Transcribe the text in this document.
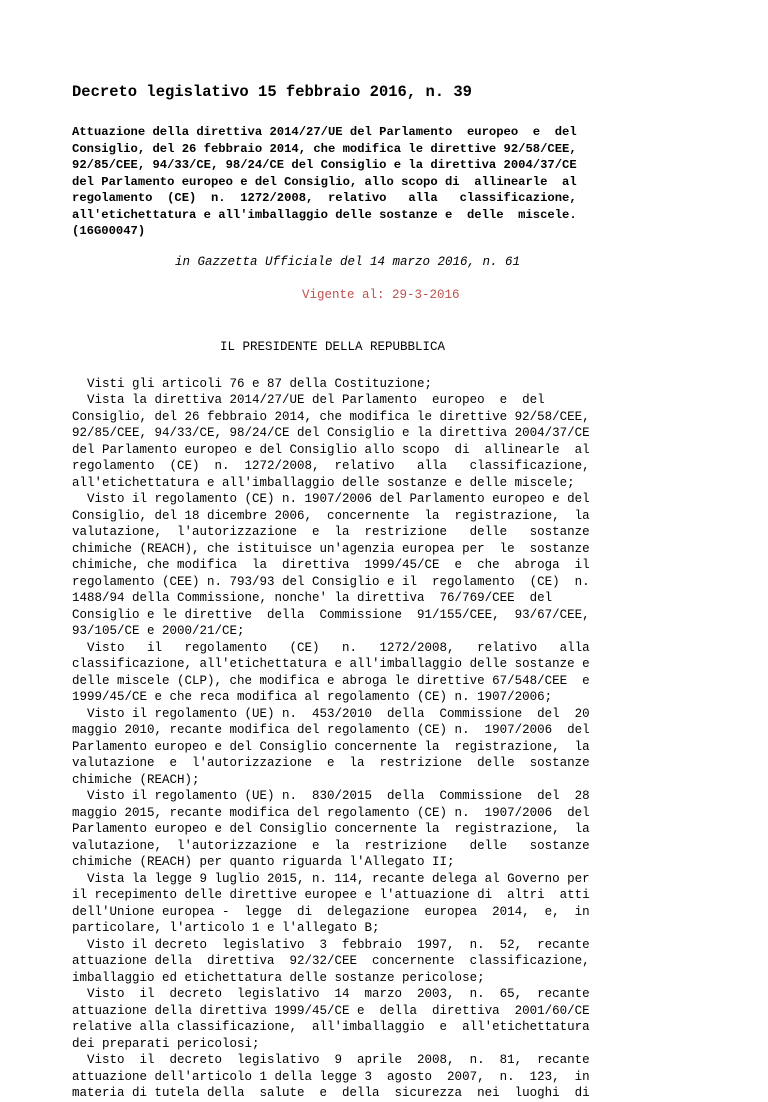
Decreto legislativo 15 febbraio 2016, n. 39
Attuazione della direttiva 2014/27/UE del Parlamento  europeo  e  del
Consiglio, del 26 febbraio 2014, che modifica le direttive 92/58/CEE,
92/85/CEE, 94/33/CE, 98/24/CE del Consiglio e la direttiva 2004/37/CE
del Parlamento europeo e del Consiglio, allo scopo di  allinearle  al
regolamento  (CE)  n.  1272/2008,  relativo   alla   classificazione,
all'etichettatura e all'imballaggio delle sostanze e  delle  miscele.
(16G00047)
in Gazzetta Ufficiale del 14 marzo 2016, n. 61
Vigente al: 29-3-2016
IL PRESIDENTE DELLA REPUBBLICA
Visti gli articoli 76 e 87 della Costituzione;
Vista la direttiva 2014/27/UE del Parlamento  europeo  e  del
Consiglio, del 26 febbraio 2014, che modifica le direttive 92/58/CEE,
92/85/CEE, 94/33/CE, 98/24/CE del Consiglio e la direttiva 2004/37/CE
del Parlamento europeo e del Consiglio allo scopo  di  allinearle  al
regolamento  (CE)  n.  1272/2008,  relativo   alla   classificazione,
all'etichettatura e all'imballaggio delle sostanze e delle miscele;
Visto il regolamento (CE) n. 1907/2006 del Parlamento europeo e del
Consiglio, del 18 dicembre 2006,  concernente  la  registrazione,  la
valutazione,  l'autorizzazione  e  la  restrizione   delle   sostanze
chimiche (REACH), che istituisce un'agenzia europea per  le  sostanze
chimiche, che modifica  la  direttiva  1999/45/CE  e  che  abroga  il
regolamento (CEE) n. 793/93 del Consiglio e il  regolamento  (CE)  n.
1488/94 della Commissione, nonche' la direttiva  76/769/CEE  del
Consiglio e le direttive  della  Commissione  91/155/CEE,  93/67/CEE,
93/105/CE e 2000/21/CE;
Visto   il   regolamento   (CE)   n.   1272/2008,   relativo   alla
classificazione, all'etichettatura e all'imballaggio delle sostanze e
delle miscele (CLP), che modifica e abroga le direttive 67/548/CEE  e
1999/45/CE e che reca modifica al regolamento (CE) n. 1907/2006;
Visto il regolamento (UE) n.  453/2010  della  Commissione  del  20
maggio 2010, recante modifica del regolamento (CE) n.  1907/2006  del
Parlamento europeo e del Consiglio concernente la  registrazione,  la
valutazione  e  l'autorizzazione  e  la  restrizione  delle  sostanze
chimiche (REACH);
Visto il regolamento (UE) n.  830/2015  della  Commissione  del  28
maggio 2015, recante modifica del regolamento (CE) n.  1907/2006  del
Parlamento europeo e del Consiglio concernente la  registrazione,  la
valutazione,  l'autorizzazione  e  la  restrizione   delle   sostanze
chimiche (REACH) per quanto riguarda l'Allegato II;
Vista la legge 9 luglio 2015, n. 114, recante delega al Governo per
il recepimento delle direttive europee e l'attuazione di  altri  atti
dell'Unione europea -  legge  di  delegazione  europea  2014,  e,  in
particolare, l'articolo 1 e l'allegato B;
Visto il decreto  legislativo  3  febbraio  1997,  n.  52,  recante
attuazione della  direttiva  92/32/CEE  concernente  classificazione,
imballaggio ed etichettatura delle sostanze pericolose;
Visto  il  decreto  legislativo  14  marzo  2003,  n.  65,  recante
attuazione della direttiva 1999/45/CE e  della  direttiva  2001/60/CE
relative alla classificazione,  all'imballaggio  e  all'etichettatura
dei preparati pericolosi;
Visto  il  decreto  legislativo  9  aprile  2008,  n.  81,  recante
attuazione dell'articolo 1 della legge 3  agosto  2007,  n.  123,  in
materia di tutela della  salute  e  della  sicurezza  nei  luoghi  di
